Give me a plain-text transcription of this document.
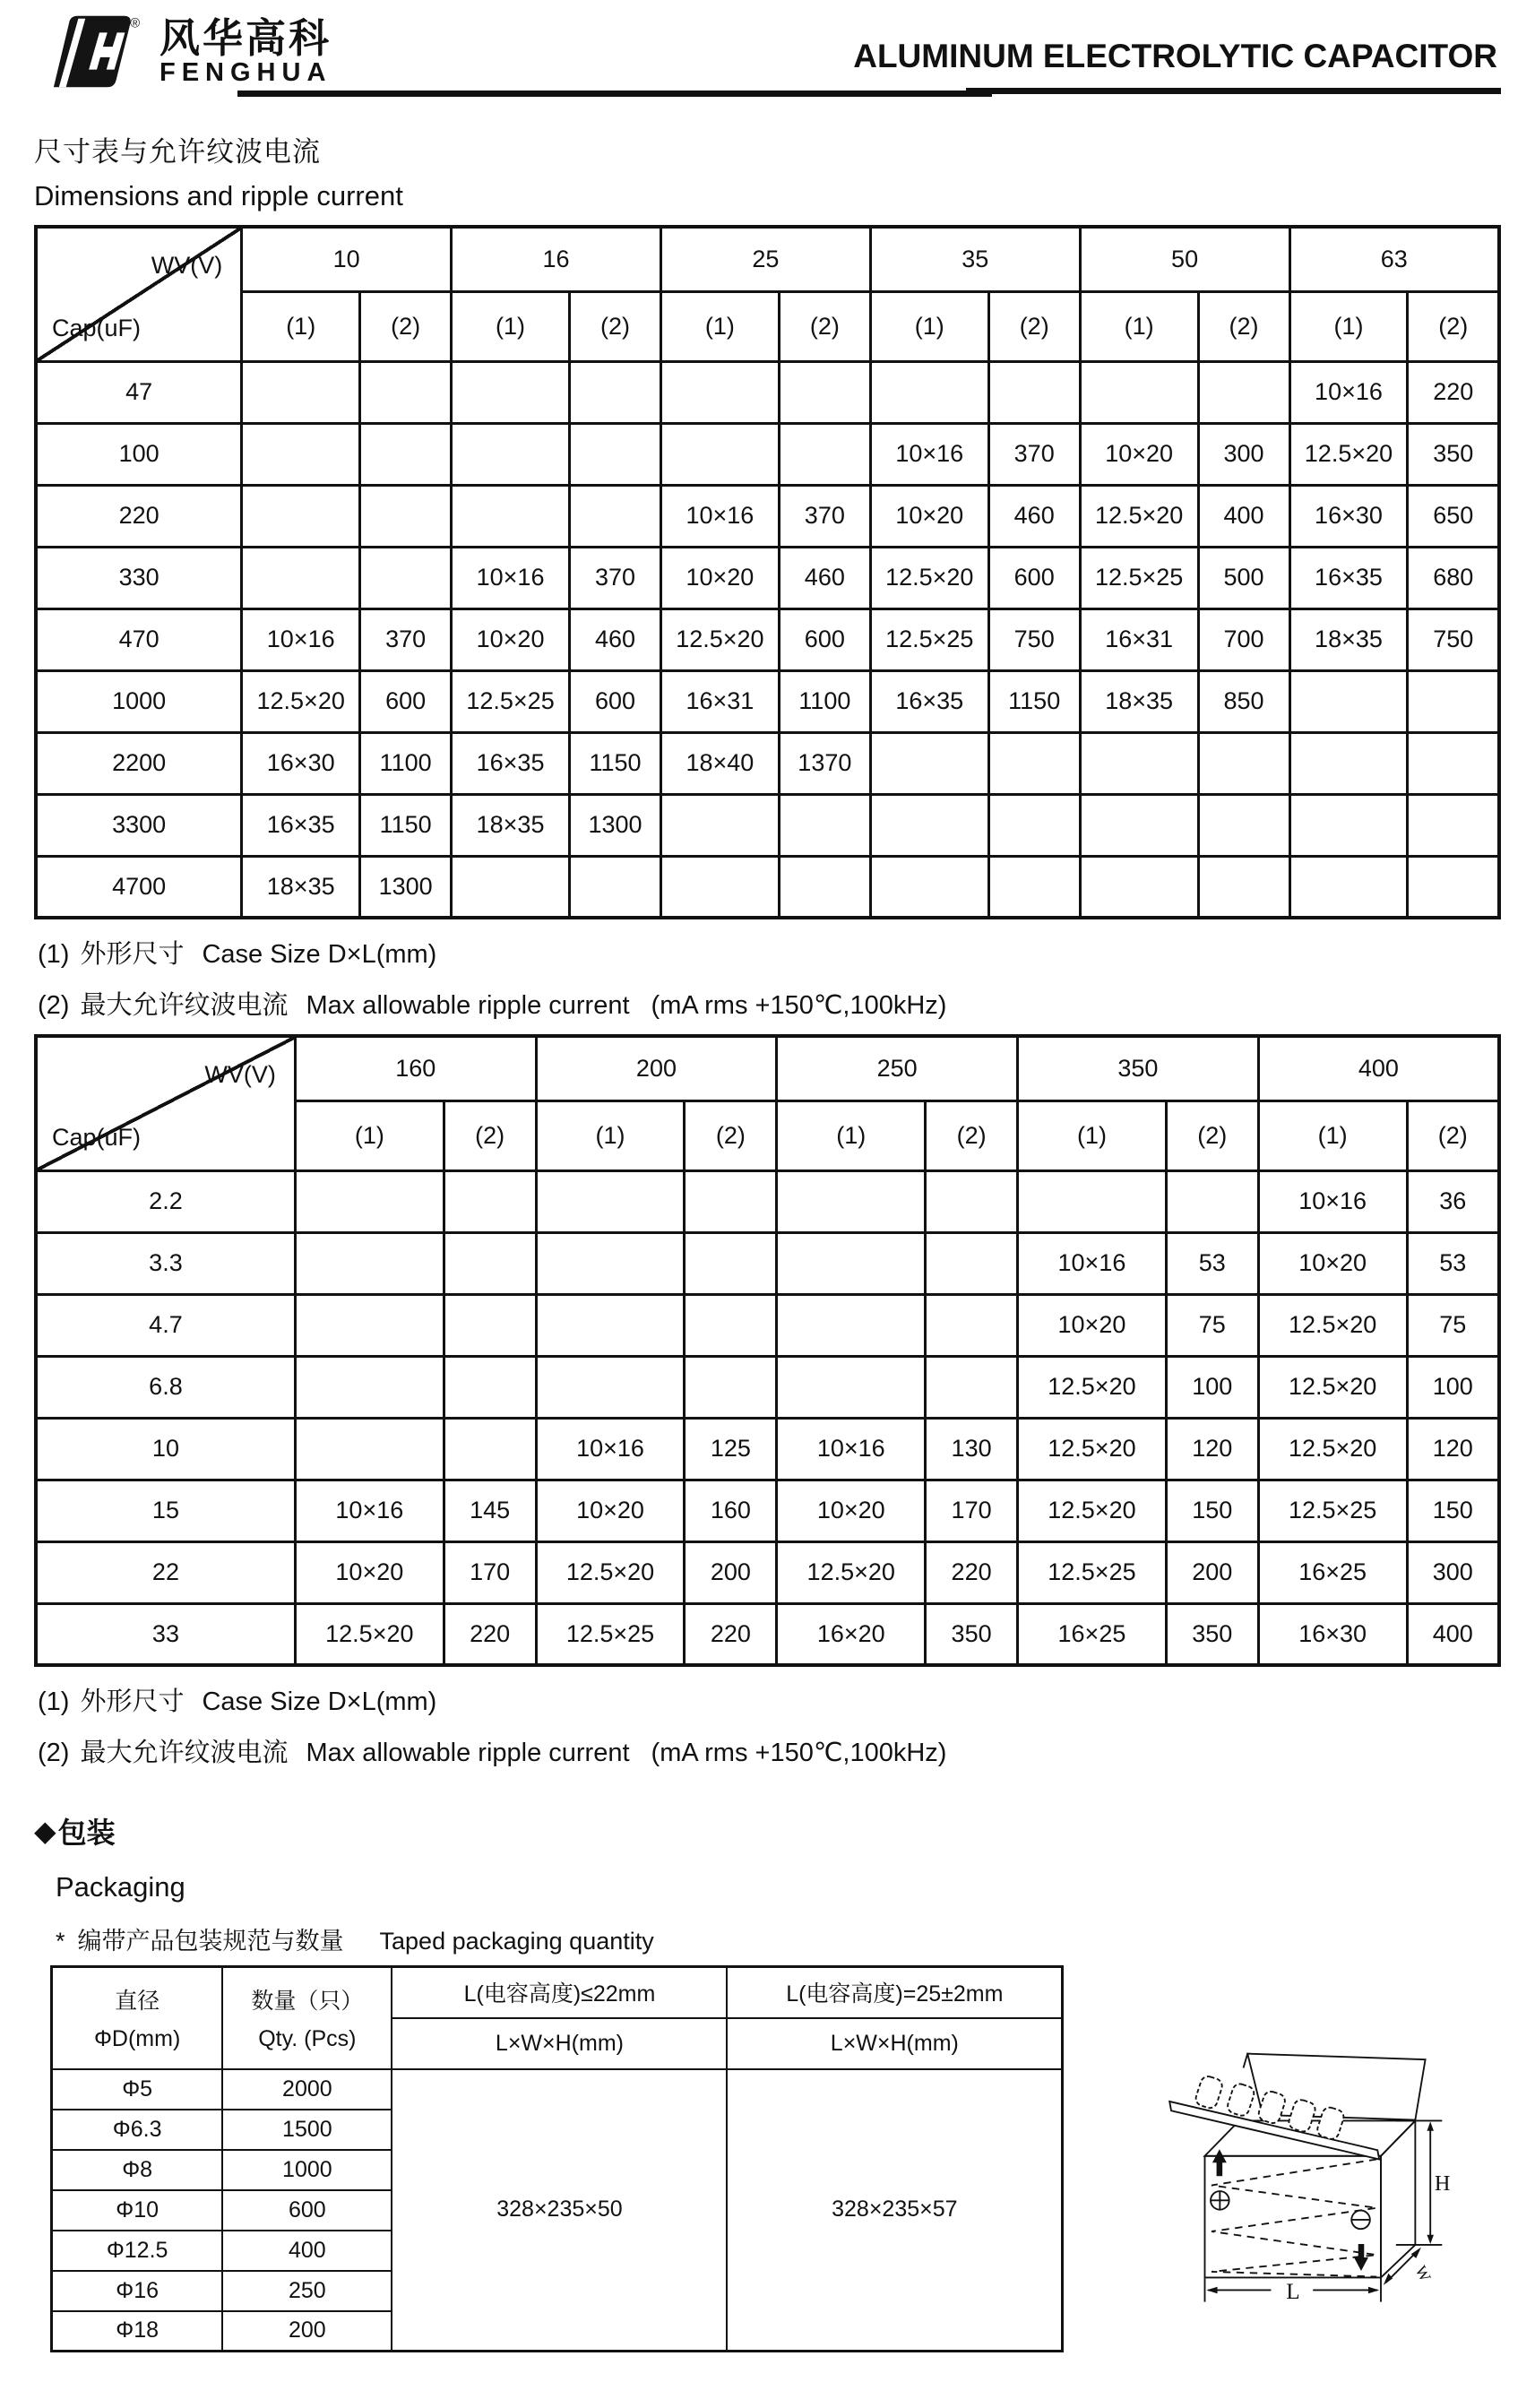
® 风华高科
FENGHUA	ALUMINUM ELECTROLYTIC CAPACITOR
尺寸表与允许纹波电流
Dimensions and ripple current
WV(V)
Cap(uF)	10		16		25		35		50		63	
	(1)	(2)	(1)	(2)	(1)	(2)	(1)	(2)	(1)	(2)	(1)	(2)
47											10×16	220
100							10×16	370	10×20	300	12.5×20	350
220					10×16	370	10×20	460	12.5×20	400	16×30	650
330			10×16	370	10×20	460	12.5×20	600	12.5×25	500	16×35	680
470	10×16	370	10×20	460	12.5×20	600	12.5×25	750	16×31	700	18×35	750
1000	12.5×20	600	12.5×25	600	16×31	1100	16×35	1150	18×35	850		
2200	16×30	1100	16×35	1150	18×40	1370						
3300	16×35	1150	18×35	1300								
4700	18×35	1300										
(1) 外形尺寸 Case Size D×L(mm)
(2) 最大允许纹波电流 Max allowable ripple current (mA rms +150℃,100kHz)
WV(V)
Cap(uF)	160		200		250		350		400	
	(1)	(2)	(1)	(2)	(1)	(2)	(1)	(2)	(1)	(2)
2.2									10×16	36
3.3							10×16	53	10×20	53
4.7							10×20	75	12.5×20	75
6.8							12.5×20	100	12.5×20	100
10			10×16	125	10×16	130	12.5×20	120	12.5×20	120
15	10×16	145	10×20	160	10×20	170	12.5×20	150	12.5×25	150
22	10×20	170	12.5×20	200	12.5×20	220	12.5×25	200	16×25	300
33	12.5×20	220	12.5×25	220	16×20	350	16×25	350	16×30	400
(1) 外形尺寸 Case Size D×L(mm)
(2) 最大允许纹波电流 Max allowable ripple current (mA rms +150℃,100kHz)
◆ 包装
Packaging
* 编带产品包装规范与数量 Taped packaging quantity
直径
ΦD(mm)

数量（只）
Qty. (Pcs)
	L(电容高度)≤22mm	L(电容高度)=25±2mm
		L×W×H(mm)	L×W×H(mm)
Φ5	2000	328×235×50	328×235×57
Φ6.3	1500		
Φ8	1000		
Φ10	600		
Φ12.5	400		
Φ16	250		
Φ18	200		
H
W
L
